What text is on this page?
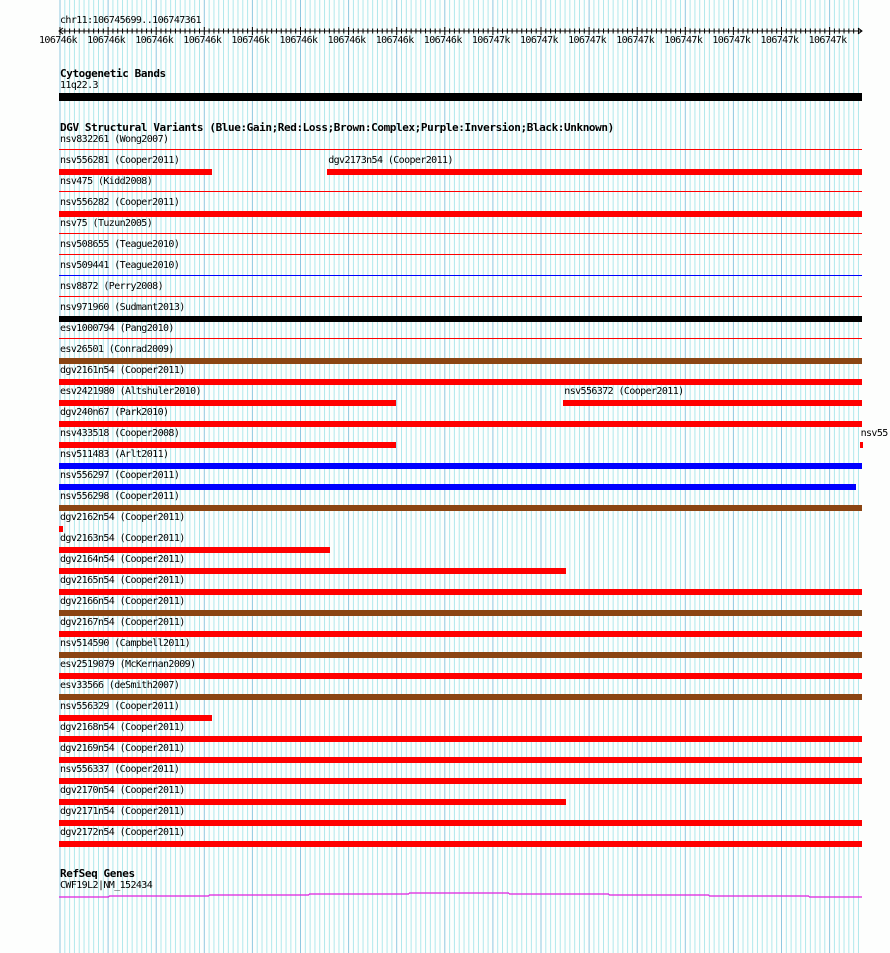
chr11:106745699..106747361
106746k 106746k 106746k 106746k 106746k 106746k 106746k 106746k 106746k 106747k 106747k 106747k 106747k 106747k 106747k 106747k 106747k
Cytogenetic Bands
11q22.3
DGV Structural Variants (Blue:Gain;Red:Loss;Brown:Complex;Purple:Inversion;Black:Unknown)
nsv832261 (Wong2007)
nsv556281 (Cooper2011)	dgv2173n54 (Cooper2011)
nsv475 (Kidd2008)
nsv556282 (Cooper2011)
nsv75 (Tuzun2005)
nsv508655 (Teague2010)
nsv509441 (Teague2010)
nsv8872 (Perry2008)
nsv971960 (Sudmant2013)
esv1000794 (Pang2010)
esv26501 (Conrad2009)
dgv2161n54 (Cooper2011)
esv2421980 (Altshuler2010)	nsv556372 (Cooper2011)
dgv240n67 (Park2010)
nsv433518 (Cooper2008)	nsv55
nsv511483 (Arlt2011)
nsv556297 (Cooper2011)
nsv556298 (Cooper2011)
dgv2162n54 (Cooper2011)
dgv2163n54 (Cooper2011)
dgv2164n54 (Cooper2011)
dgv2165n54 (Cooper2011)
dgv2166n54 (Cooper2011)
dgv2167n54 (Cooper2011)
nsv514590 (Campbell2011)
esv2519079 (McKernan2009)
esv33566 (deSmith2007)
nsv556329 (Cooper2011)
dgv2168n54 (Cooper2011)
dgv2169n54 (Cooper2011)
nsv556337 (Cooper2011)
dgv2170n54 (Cooper2011)
dgv2171n54 (Cooper2011)
dgv2172n54 (Cooper2011)
RefSeq Genes
CWF19L2|NM_152434
